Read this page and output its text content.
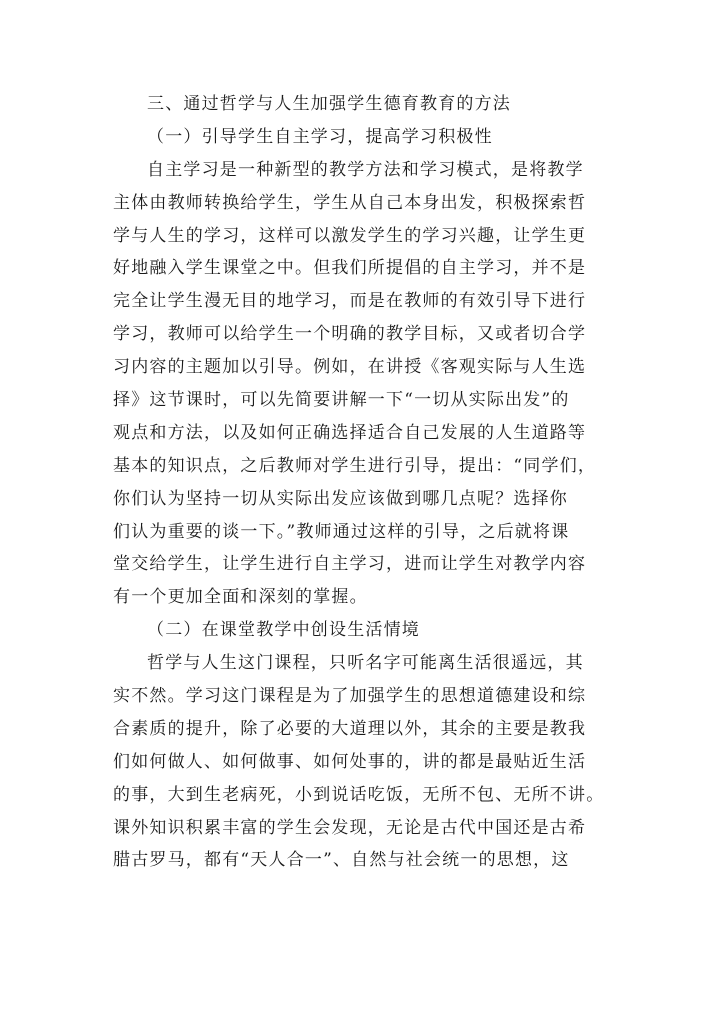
三、通过哲学与人生加强学生德育教育的方法
（一）引导学生自主学习，提高学习积极性
自主学习是一种新型的教学方法和学习模式，是将教学
主体由教师转换给学生，学生从自己本身出发，积极探索哲
学与人生的学习，这样可以激发学生的学习兴趣，让学生更
好地融入学生课堂之中。但我们所提倡的自主学习，并不是
完全让学生漫无目的地学习，而是在教师的有效引导下进行
学习，教师可以给学生一个明确的教学目标，又或者切合学
习内容的主题加以引导。例如，在讲授《客观实际与人生选
择》这节课时，可以先简要讲解一下“一切从实际出发”的
观点和方法，以及如何正确选择适合自己发展的人生道路等
基本的知识点，之后教师对学生进行引导，提出：“同学们，
你们认为坚持一切从实际出发应该做到哪几点呢？选择你
们认为重要的谈一下。”教师通过这样的引导，之后就将课
堂交给学生，让学生进行自主学习，进而让学生对教学内容
有一个更加全面和深刻的掌握。
（二）在课堂教学中创设生活情境
哲学与人生这门课程，只听名字可能离生活很遥远，其
实不然。学习这门课程是为了加强学生的思想道德建设和综
合素质的提升，除了必要的大道理以外，其余的主要是教我
们如何做人、如何做事、如何处事的，讲的都是最贴近生活
的事，大到生老病死，小到说话吃饭，无所不包、无所不讲。
课外知识积累丰富的学生会发现，无论是古代中国还是古希
腊古罗马，都有“天人合一”、自然与社会统一的思想，这
